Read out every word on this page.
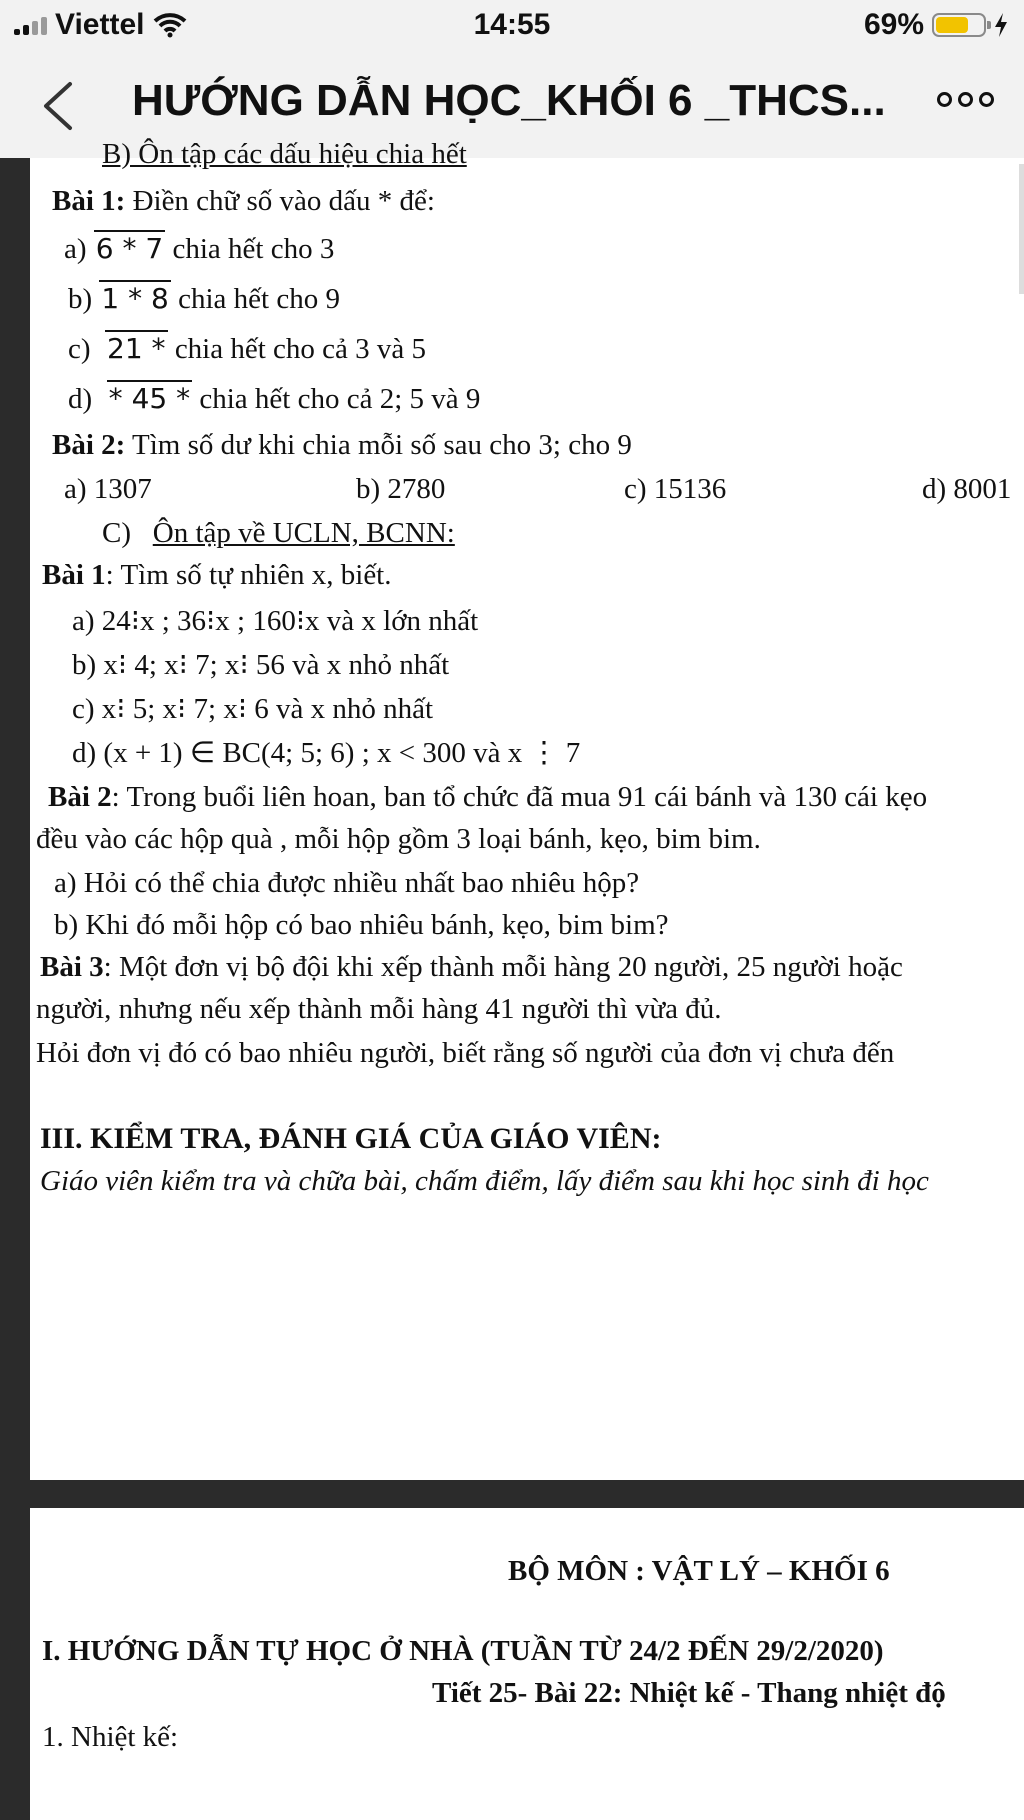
Viettel	14:55	69%
HƯỚNG DẪN HỌC_KHỐI 6 _THCS...
B) Ôn tập các dấu hiệu chia hết
Bài 1: Điền chữ số vào dấu * để:
a) 6 * 7 chia hết cho 3
b) 1 * 8 chia hết cho 9
c) 21 * chia hết cho cả 3 và 5
d) * 45 * chia hết cho cả 2; 5 và 9
Bài 2: Tìm số dư khi chia mỗi số sau cho 3; cho 9
a) 1307	b) 2780	c) 15136	d) 8001
C) Ôn tập về UCLN, BCNN:
Bài 1: Tìm số tự nhiên x, biết.
a) 24⁝x ; 36⁝x ; 160⁝x và x lớn nhất
b) x⁝ 4; x⁝ 7; x⁝ 56 và x nhỏ nhất
c) x⁝ 5; x⁝ 7; x⁝ 6 và x nhỏ nhất
d) (x + 1) ∈ BC(4; 5; 6) ; x < 300 và x ⋮ 7
Bài 2: Trong buổi liên hoan, ban tổ chức đã mua 91 cái bánh và 130 cái kẹo
đều vào các hộp quà , mỗi hộp gồm 3 loại bánh, kẹo, bim bim.
a) Hỏi có thể chia được nhiều nhất bao nhiêu hộp?
b) Khi đó mỗi hộp có bao nhiêu bánh, kẹo, bim bim?
Bài 3: Một đơn vị bộ đội khi xếp thành mỗi hàng 20 người, 25 người hoặc
người, nhưng nếu xếp thành mỗi hàng 41 người thì vừa đủ.
Hỏi đơn vị đó có bao nhiêu người, biết rằng số người của đơn vị chưa đến
III. KIỂM TRA, ĐÁNH GIÁ CỦA GIÁO VIÊN:
Giáo viên kiểm tra và chữa bài, chấm điểm, lấy điểm sau khi học sinh đi học
BỘ MÔN : VẬT LÝ – KHỐI 6
I. HƯỚNG DẪN TỰ HỌC Ở NHÀ (TUẦN TỪ 24/2 ĐẾN 29/2/2020)
Tiết 25- Bài 22: Nhiệt kế - Thang nhiệt độ
1. Nhiệt kế:
